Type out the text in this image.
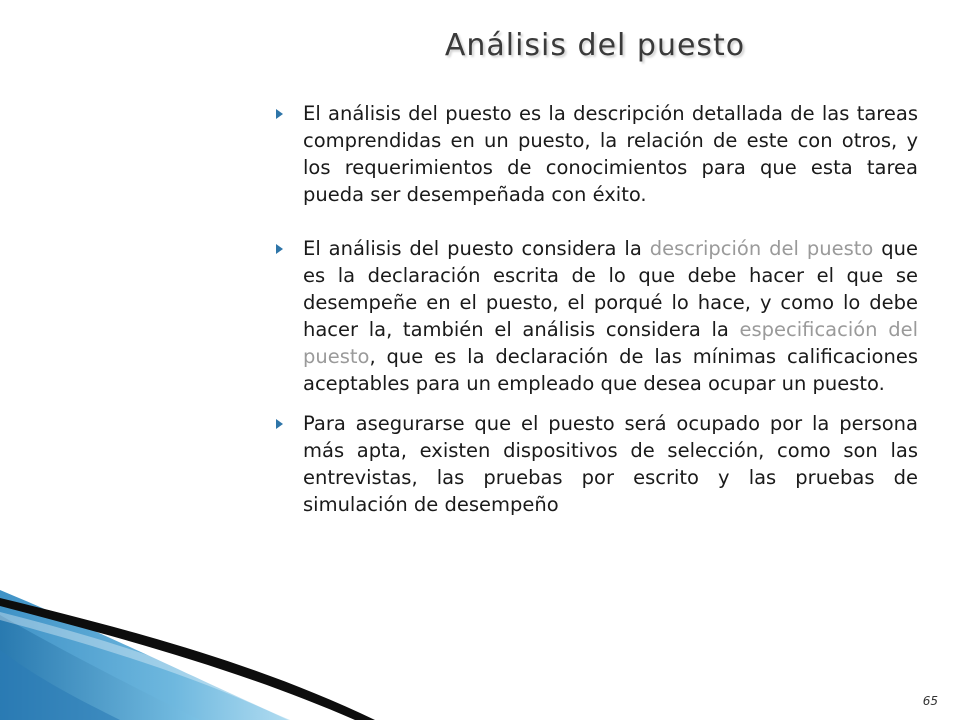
Análisis del puesto
El análisis del puesto es la descripción detallada de las tareas comprendidas en un puesto, la relación de este con otros, y los requerimientos de conocimientos para que esta tarea pueda ser desempeñada con éxito.
El análisis del puesto considera la descripción del puesto que es la declaración escrita de lo que debe hacer el que se desempeñe en el puesto, el porqué lo hace, y como lo debe hacer la, también el análisis considera la especificación del puesto, que es la declaración de las mínimas calificaciones aceptables para un empleado que desea ocupar un puesto.
Para asegurarse que el puesto será ocupado por la persona más apta, existen dispositivos de selección, como son las entrevistas, las pruebas por escrito y las pruebas de simulación de desempeño
65
